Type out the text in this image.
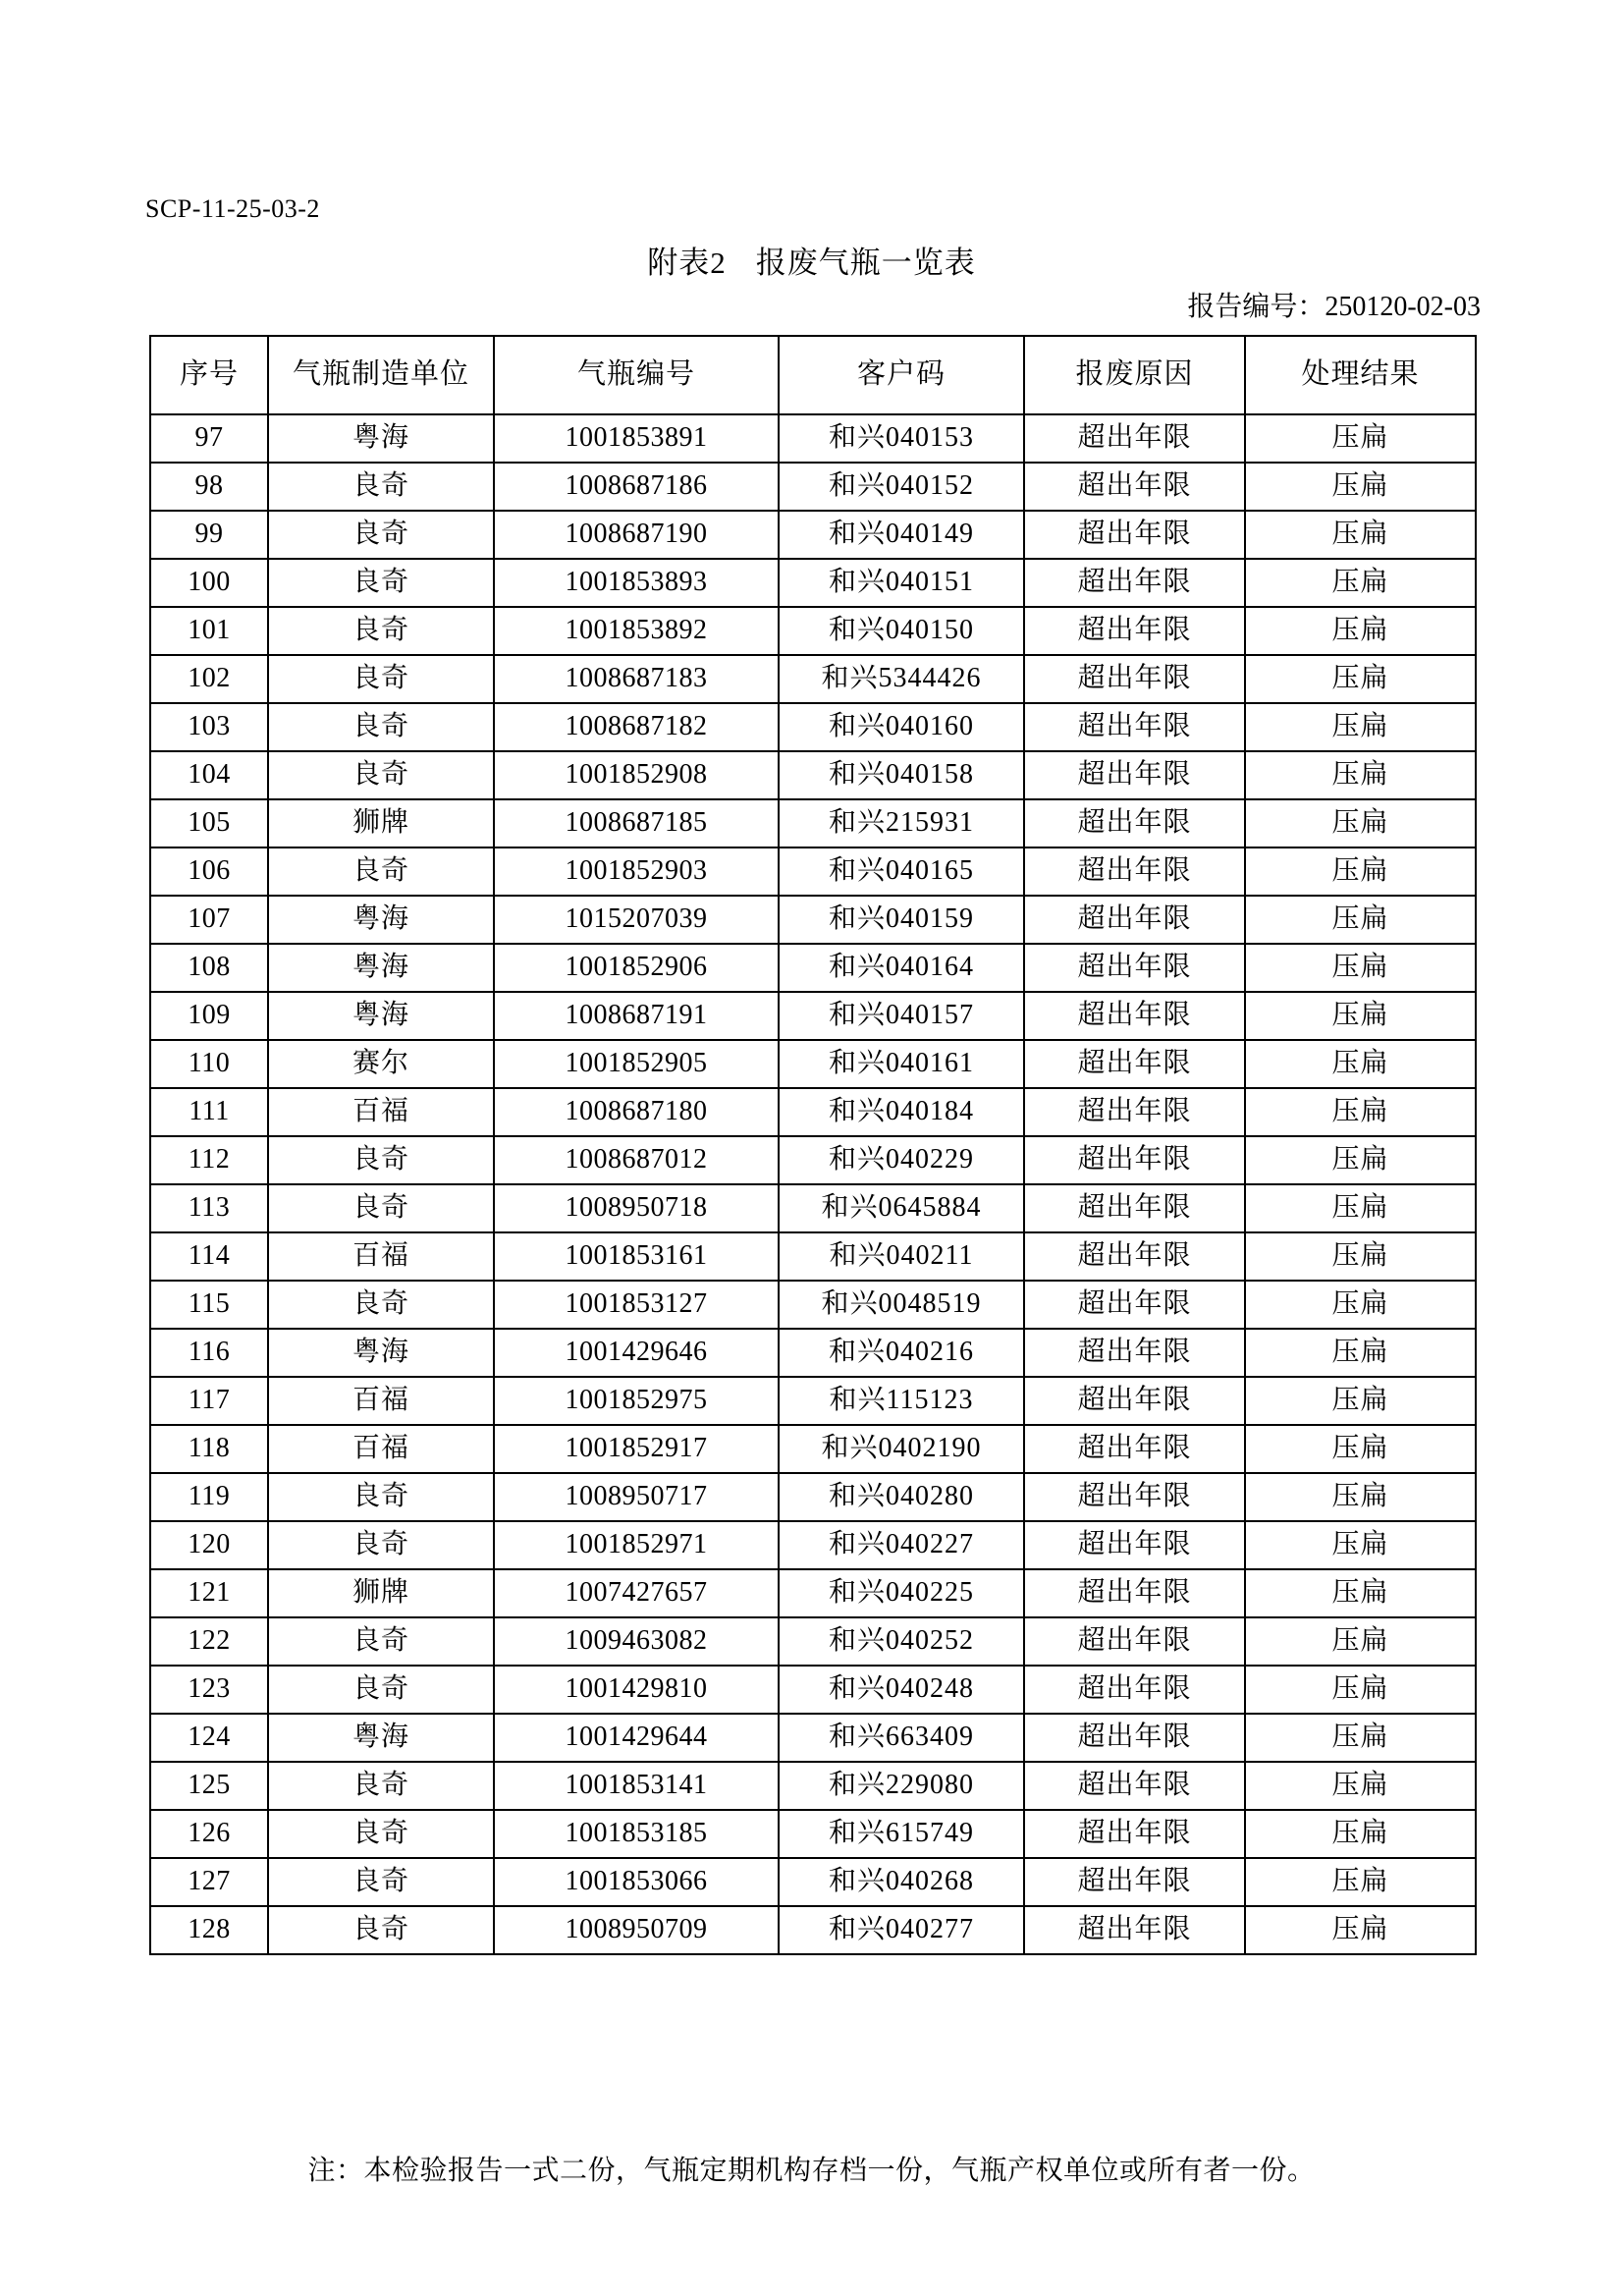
SCP-11-25-03-2
附表2 报废气瓶一览表
报告编号：250120-02-03
序号	气瓶制造单位	气瓶编号	客户码	报废原因	处理结果
97	粤海	1001853891	和兴040153	超出年限	压扁
98	良奇	1008687186	和兴040152	超出年限	压扁
99	良奇	1008687190	和兴040149	超出年限	压扁
100	良奇	1001853893	和兴040151	超出年限	压扁
101	良奇	1001853892	和兴040150	超出年限	压扁
102	良奇	1008687183	和兴5344426	超出年限	压扁
103	良奇	1008687182	和兴040160	超出年限	压扁
104	良奇	1001852908	和兴040158	超出年限	压扁
105	狮牌	1008687185	和兴215931	超出年限	压扁
106	良奇	1001852903	和兴040165	超出年限	压扁
107	粤海	1015207039	和兴040159	超出年限	压扁
108	粤海	1001852906	和兴040164	超出年限	压扁
109	粤海	1008687191	和兴040157	超出年限	压扁
110	赛尔	1001852905	和兴040161	超出年限	压扁
111	百福	1008687180	和兴040184	超出年限	压扁
112	良奇	1008687012	和兴040229	超出年限	压扁
113	良奇	1008950718	和兴0645884	超出年限	压扁
114	百福	1001853161	和兴040211	超出年限	压扁
115	良奇	1001853127	和兴0048519	超出年限	压扁
116	粤海	1001429646	和兴040216	超出年限	压扁
117	百福	1001852975	和兴115123	超出年限	压扁
118	百福	1001852917	和兴0402190	超出年限	压扁
119	良奇	1008950717	和兴040280	超出年限	压扁
120	良奇	1001852971	和兴040227	超出年限	压扁
121	狮牌	1007427657	和兴040225	超出年限	压扁
122	良奇	1009463082	和兴040252	超出年限	压扁
123	良奇	1001429810	和兴040248	超出年限	压扁
124	粤海	1001429644	和兴663409	超出年限	压扁
125	良奇	1001853141	和兴229080	超出年限	压扁
126	良奇	1001853185	和兴615749	超出年限	压扁
127	良奇	1001853066	和兴040268	超出年限	压扁
128	良奇	1008950709	和兴040277	超出年限	压扁
注：本检验报告一式二份，气瓶定期机构存档一份，气瓶产权单位或所有者一份。
